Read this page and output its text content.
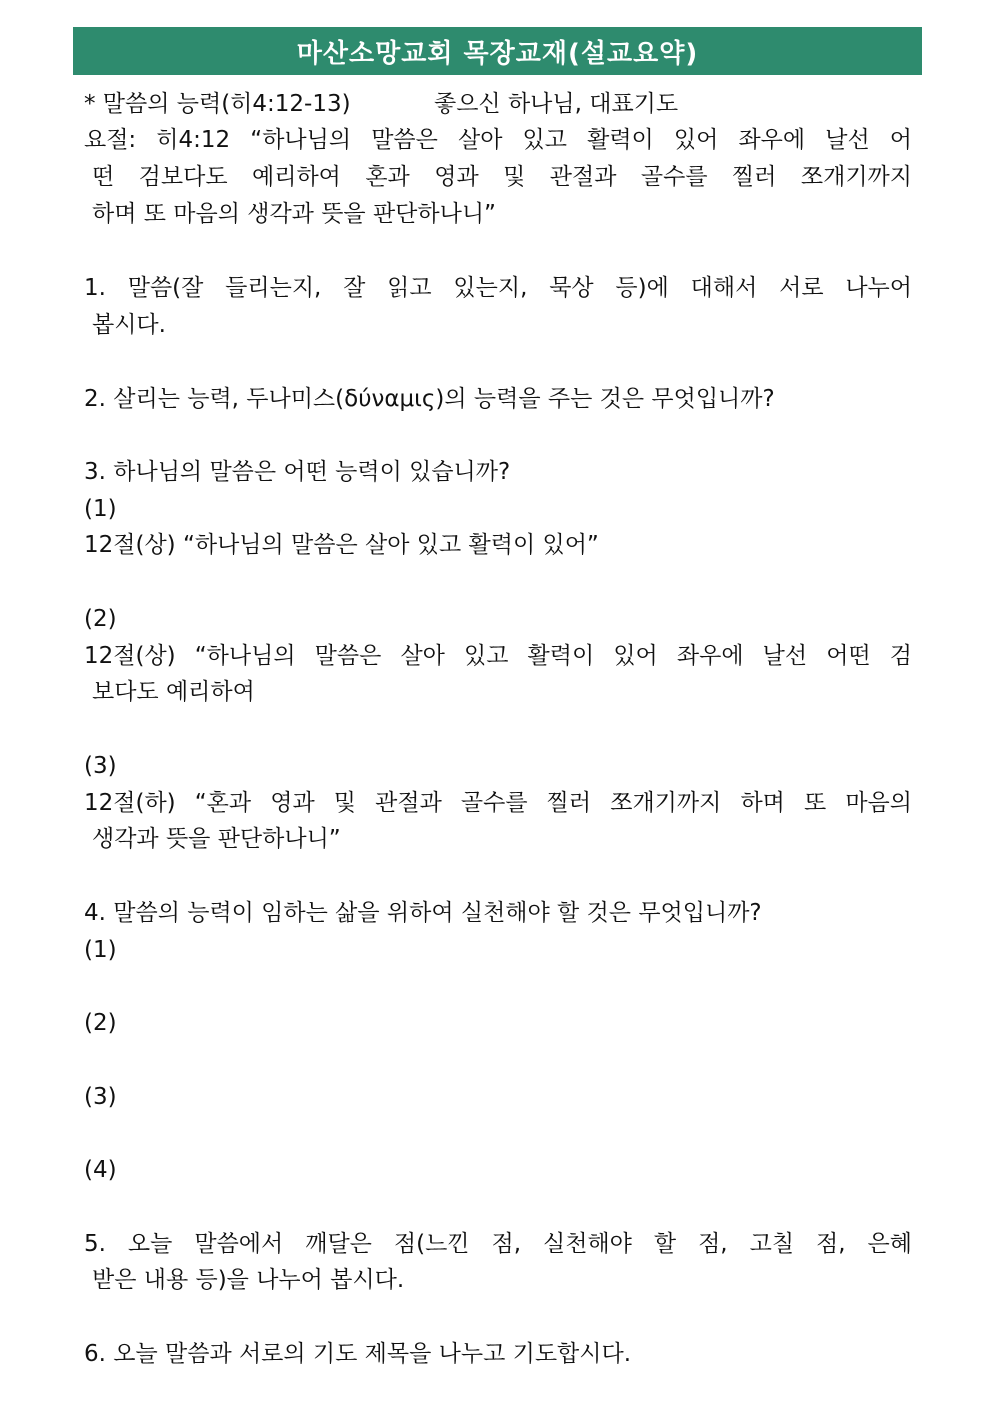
마산소망교회 목장교재(설교요약)
* 말씀의 능력(히4:12-13)	좋으신 하나님, 대표기도
요절: 히4:12 “하나님의 말씀은 살아 있고 활력이 있어 좌우에 날선 어
떤 검보다도 예리하여 혼과 영과 및 관절과 골수를 찔러 쪼개기까지
하며 또 마음의 생각과 뜻을 판단하나니”
1. 말씀(잘 들리는지, 잘 읽고 있는지, 묵상 등)에 대해서 서로 나누어
봅시다.
2. 살리는 능력, 두나미스(δύναμις)의 능력을 주는 것은 무엇입니까?
3. 하나님의 말씀은 어떤 능력이 있습니까?
(1)
12절(상) “하나님의 말씀은 살아 있고 활력이 있어”
(2)
12절(상) “하나님의 말씀은 살아 있고 활력이 있어 좌우에 날선 어떤 검
보다도 예리하여
(3)
12절(하) “혼과 영과 및 관절과 골수를 찔러 쪼개기까지 하며 또 마음의
생각과 뜻을 판단하나니”
4. 말씀의 능력이 임하는 삶을 위하여 실천해야 할 것은 무엇입니까?
(1)
(2)
(3)
(4)
5. 오늘 말씀에서 깨달은 점(느낀 점, 실천해야 할 점, 고칠 점, 은혜
받은 내용 등)을 나누어 봅시다.
6. 오늘 말씀과 서로의 기도 제목을 나누고 기도합시다.
